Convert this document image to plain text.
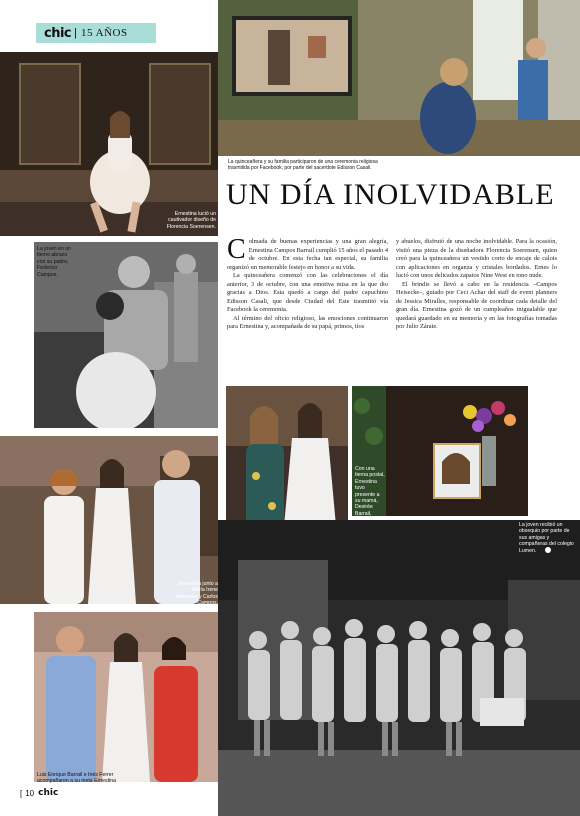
chic | 15 AÑOS
Ernestina lució un cautivador diseño de Florencia Soerensen.
La quinceañera y su familia participaron de una ceremonia religiosa trasmitida por Facebook, por parte del sacerdote Edisson Casali.
La joven en un tierno abrazo con su padre, Federico Campos.
UN DÍA INOLVIDABLE

Colmada de buenas experiencias y una gran alegría, Ernestina Campos Barrail cumplió 15 años el pasado 4 de octubre. En esta fecha tan especial, su familia organizó un memorable festejo en honor a su vida.

La quinceañera comenzó con las celebraciones el día anterior, 3 de octubre, con una emotiva misa en la que dio gracias a Dios. Esta quedó a cargo del padre capuchino Edisson Casali, que desde Ciudad del Este trasmitió vía Facebook la ceremonia.

Al término del oficio religioso, las emociones continuaron para Ernestina y, acompañada de su papá, primos, tíos

y abuelos, disfrutó de una noche inolvidable. Para la ocasión, vistió una pieza de la diseñadora Florencia Soerensen, quien creó para la quinceañera un vestido corto de encaje de calois con aplicaciones en organza y cristales bordados. Ernes lo lució con unos delicados zapatos Nine West en tono nude.

El brindis se llevó a cabo en la residencia –Campos Heisecke–, guiado por Ceci Achar del staff de event planners de Jessica Miralles, responsable de coordinar cada detalle del gran día. Ernestina gozó de un cumpleaños inigualable que quedará guardado en su memoria y en las fotografías tomadas por Julio Zárate.

Con una tierna postal, Ernestina tuvo presente a su mamá, Desirée Barrail,
Ernestina junto a María Irene Heisecke y Carlos Campos.
La joven recibió un obsequio por parte de sus amigas y compañeras del colegio Lumen.
Luis Enrique Barrail e Inés Ferrer acompañaron a su nieta Ernestina
[ 10 chic
